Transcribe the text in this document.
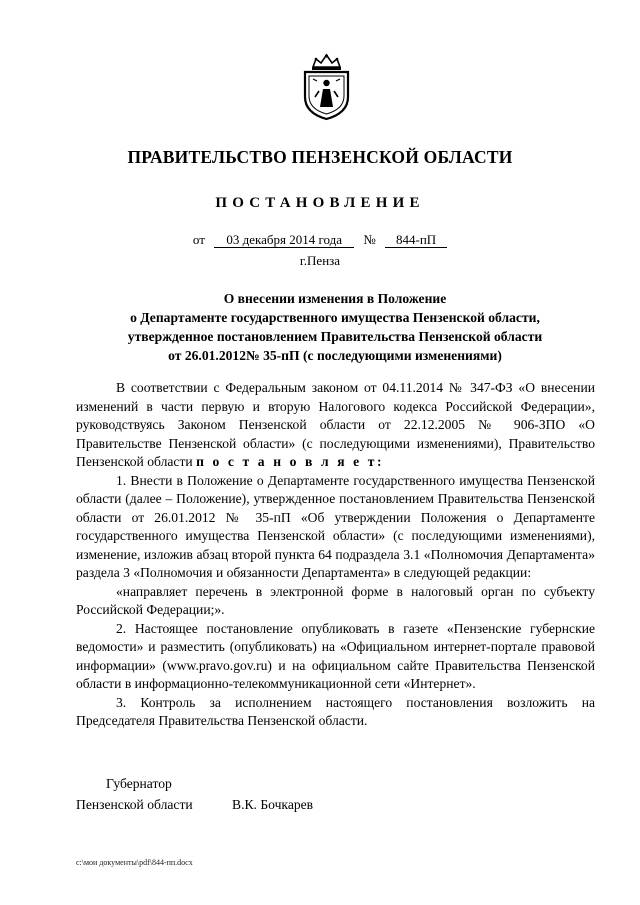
ПРАВИТЕЛЬСТВО ПЕНЗЕНСКОЙ ОБЛАСТИ
ПОСТАНОВЛЕНИЕ
от 03 декабря 2014 года № 844-пП
г.Пенза
О внесении изменения в Положение
о Департаменте государственного имущества Пензенской области,
утвержденное постановлением Правительства Пензенской области
от 26.01.2012№ 35-пП (с последующими изменениями)

В соответствии с Федеральным законом от 04.11.2014 № 347-ФЗ «О внесении изменений в части первую и вторую Налогового кодекса Российской Федерации», руководствуясь Законом Пензенской области от 22.12.2005 № 906-ЗПО «О Правительстве Пензенской области» (с последующими изменениями), Правительство Пензенской области п о с т а н о в л я е т:

1. Внести в Положение о Департаменте государственного имущества Пензенской области (далее – Положение), утвержденное постановлением Правительства Пензенской области от 26.01.2012 № 35-пП «Об утверждении Положения о Департаменте государственного имущества Пензенской области» (с последующими изменениями), изменение, изложив абзац второй пункта 64 подраздела 3.1 «Полномочия Департамента» раздела 3 «Полномочия и обязанности Департамента» в следующей редакции:

«направляет перечень в электронной форме в налоговый орган по субъекту Российской Федерации;».

2. Настоящее постановление опубликовать в газете «Пензенские губернские ведомости» и разместить (опубликовать) на «Официальном интернет-портале правовой информации» (www.pravo.gov.ru) и на официальном сайте Правительства Пензенской области в информационно-телекоммуникационной сети «Интернет».

3. Контроль за исполнением настоящего постановления возложить на Председателя Правительства Пензенской области.

Губернатор
Пензенской области	В.К. Бочкарев
c:\мои документы\pdf\844-пп.docx
